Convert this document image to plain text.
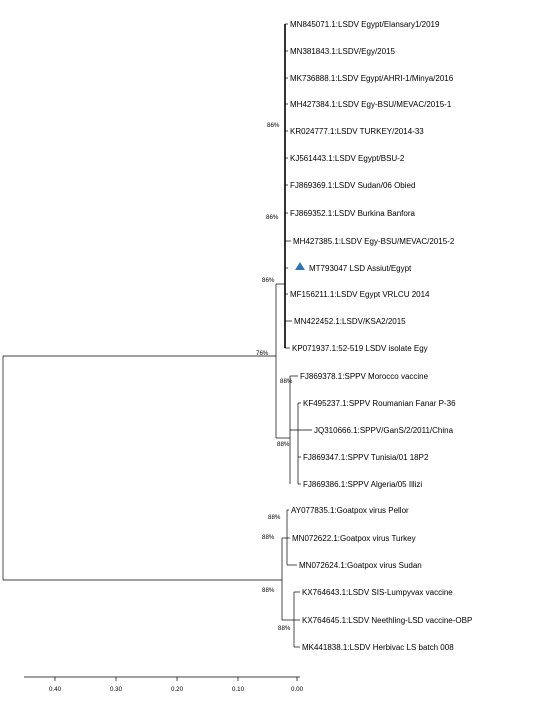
MN845071.1:LSDV Egypt/Elansary1/2019
MN381843.1:LSDV/Egy/2015
MK736888.1:LSDV Egypt/AHRI-1/Minya/2016
MH427384.1:LSDV Egy-BSU/MEVAC/2015-1
KR024777.1:LSDV TURKEY/2014-33
KJ561443.1:LSDV Egypt/BSU-2
FJ869369.1:LSDV Sudan/06 Obied
FJ869352.1:LSDV Burkina Banfora
MH427385.1:LSDV Egy-BSU/MEVAC/2015-2
MT793047 LSD Assiut/Egypt
MF156211.1:LSDV Egypt VRLCU 2014
MN422452.1:LSDV/KSA2/2015
KP071937.1:52-519 LSDV isolate Egy
FJ869378.1:SPPV Morocco vaccine
KF495237.1:SPPV Roumanian Fanar P-36
JQ310666.1:SPPV/GanS/2/2011/China
FJ869347.1:SPPV Tunisia/01 18P2
FJ869386.1:SPPV Algeria/05 Illizi
AY077835.1:Goatpox virus Pellor
MN072622.1:Goatpox virus Turkey
MN072624.1:Goatpox virus Sudan
KX764643.1:LSDV SIS-Lumpyvax vaccine
KX764645.1:LSDV Neethling-LSD vaccine-OBP
MK441838.1:LSDV Herbivac LS batch 008
86%
86%
86%
76%
88%
88%
88%
88%
88%
88%
0.40	0.30	0.20	0.10	0.00
